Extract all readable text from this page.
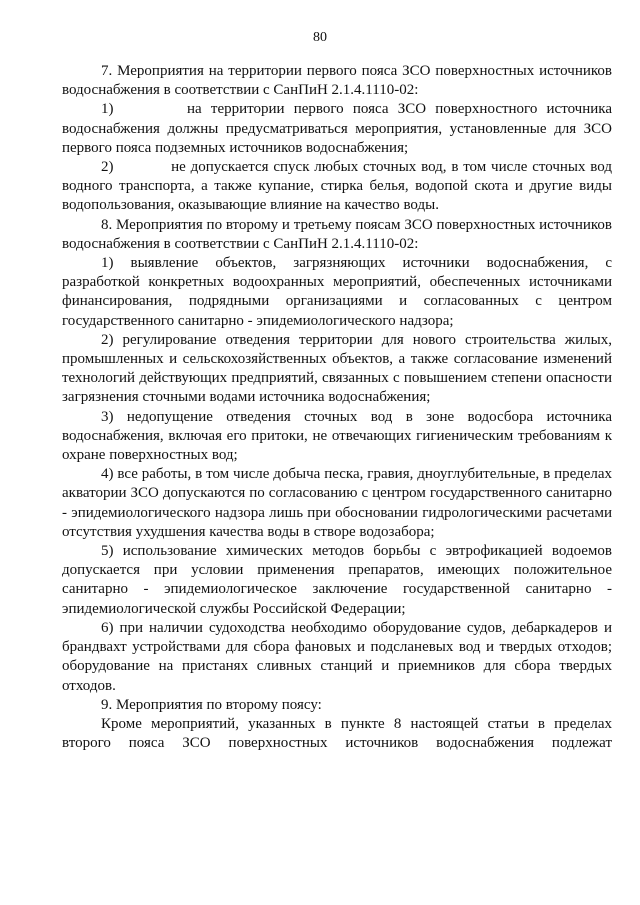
80

7. Мероприятия на территории первого пояса ЗСО поверхностных источников водоснабжения в соответствии с СанПиН 2.1.4.1110-02:

1)        на территории первого пояса ЗСО поверхностного источника водоснабжения должны предусматриваться мероприятия, установленные для ЗСО первого пояса подземных источников водоснабжения;

2)            не допускается спуск любых сточных вод, в том числе сточных вод водного транспорта, а также купание, стирка белья, водопой скота и другие виды водопользования, оказывающие влияние на качество воды.

8. Мероприятия по второму и третьему поясам ЗСО поверхностных источников водоснабжения в соответствии с СанПиН 2.1.4.1110-02:

1) выявление объектов, загрязняющих источники водоснабжения, с разработкой конкретных водоохранных мероприятий, обеспеченных источниками финансирования, подрядными организациями и согласованных с центром государственного санитарно - эпидемиологического надзора;

2) регулирование отведения территории для нового строительства жилых, промышленных и сельскохозяйственных объектов, а также согласование изменений технологий действующих предприятий, связанных с повышением степени опасности загрязнения сточными водами источника водоснабжения;

3) недопущение отведения сточных вод в зоне водосбора источника водоснабжения, включая его притоки, не отвечающих гигиеническим требованиям к охране поверхностных вод;

4) все работы, в том числе добыча песка, гравия, дноуглубительные, в пределах акватории ЗСО допускаются по согласованию с центром государственного санитарно - эпидемиологического надзора лишь при обосновании гидрологическими расчетами отсутствия ухудшения качества воды в створе водозабора;

5) использование химических методов борьбы с эвтрофикацией водоемов допускается при условии применения препаратов, имеющих положительное санитарно - эпидемиологическое заключение государственной санитарно - эпидемиологической службы Российской Федерации;

6) при наличии судоходства необходимо оборудование судов, дебаркадеров и брандвахт устройствами для сбора фановых и подсланевых вод и твердых отходов; оборудование на пристанях сливных станций и приемников для сбора твердых отходов.

9. Мероприятия по второму поясу:

Кроме мероприятий, указанных в пункте 8 настоящей статьи в пределах второго пояса ЗСО поверхностных источников водоснабжения подлежат
